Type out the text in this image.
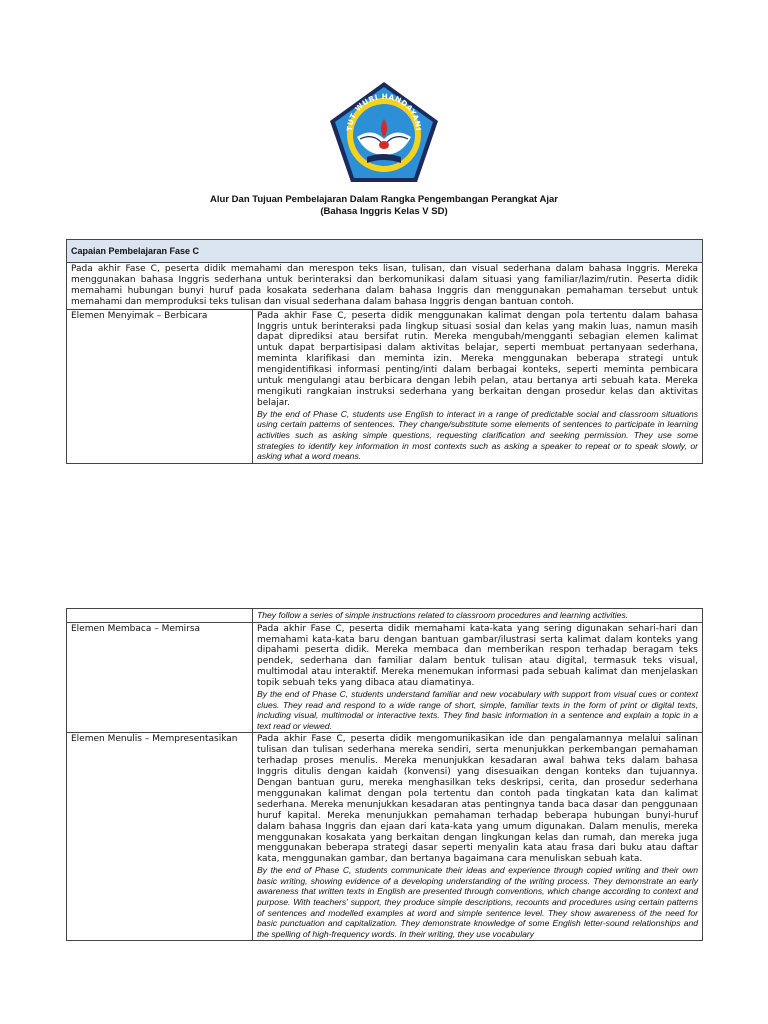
TUT WURI HANDAYANI
Alur Dan Tujuan Pembelajaran Dalam Rangka Pengembangan Perangkat Ajar
(Bahasa Inggris Kelas V SD)
Capaian Pembelajaran Fase C
Pada akhir Fase C, peserta didik memahami dan merespon teks lisan, tulisan, dan visual sederhana dalam bahasa Inggris. Mereka menggunakan bahasa Inggris sederhana untuk berinteraksi dan berkomunikasi dalam situasi yang familiar/lazim/rutin. Peserta didik memahami hubungan bunyi huruf pada kosakata sederhana dalam bahasa Inggris dan menggunakan pemahaman tersebut untuk memahami dan memproduksi teks tulisan dan visual sederhana dalam bahasa Inggris dengan bantuan contoh.
Elemen Menyimak – Berbicara	Pada akhir Fase C, peserta didik menggunakan kalimat dengan pola tertentu dalam bahasa Inggris untuk berinteraksi pada lingkup situasi sosial dan kelas yang makin luas, namun masih dapat diprediksi atau bersifat rutin. Mereka mengubah/mengganti sebagian elemen kalimat untuk dapat berpartisipasi dalam aktivitas belajar, seperti membuat pertanyaan sederhana, meminta klarifikasi dan meminta izin. Mereka menggunakan beberapa strategi untuk mengidentifikasi informasi penting/inti dalam berbagai konteks, seperti meminta pembicara untuk mengulangi atau berbicara dengan lebih pelan, atau bertanya arti sebuah kata. Mereka mengikuti rangkaian instruksi sederhana yang berkaitan dengan prosedur kelas dan aktivitas belajar.
By the end of Phase C, students use English to interact in a range of predictable social and classroom situations using certain patterns of sentences. They change/substitute some elements of sentences to participate in learning activities such as asking simple questions, requesting clarification and seeking permission. They use some strategies to identify key information in most contexts such as asking a speaker to repeat or to speak slowly, or asking what a word means.
	They follow a series of simple instructions related to classroom procedures and learning activities.
Elemen Membaca – Memirsa	Pada akhir Fase C, peserta didik memahami kata-kata yang sering digunakan sehari-hari dan memahami kata-kata baru dengan bantuan gambar/ilustrasi serta kalimat dalam konteks yang dipahami peserta didik. Mereka membaca dan memberikan respon terhadap beragam teks pendek, sederhana dan familiar dalam bentuk tulisan atau digital, termasuk teks visual, multimodal atau interaktif. Mereka menemukan informasi pada sebuah kalimat dan menjelaskan topik sebuah teks yang dibaca atau diamatinya.
By the end of Phase C, students understand familiar and new vocabulary with support from visual cues or context clues. They read and respond to a wide range of short, simple, familiar texts in the form of print or digital texts, including visual, multimodal or interactive texts. They find basic information in a sentence and explain a topic in a text read or viewed.

Elemen Menulis – Mempresentasikan	Pada akhir Fase C, peserta didik mengomunikasikan ide dan pengalamannya melalui salinan tulisan dan tulisan sederhana mereka sendiri, serta menunjukkan perkembangan pemahaman terhadap proses menulis. Mereka menunjukkan kesadaran awal bahwa teks dalam bahasa Inggris ditulis dengan kaidah (konvensi) yang disesuaikan dengan konteks dan tujuannya. Dengan bantuan guru, mereka menghasilkan teks deskripsi, cerita, dan prosedur sederhana menggunakan kalimat dengan pola tertentu dan contoh pada tingkatan kata dan kalimat sederhana. Mereka menunjukkan kesadaran atas pentingnya tanda baca dasar dan penggunaan huruf kapital. Mereka menunjukkan pemahaman terhadap beberapa hubungan bunyi-huruf dalam bahasa Inggris dan ejaan dari kata-kata yang umum digunakan. Dalam menulis, mereka menggunakan kosakata yang berkaitan dengan lingkungan kelas dan rumah, dan mereka juga menggunakan beberapa strategi dasar seperti menyalin kata atau frasa dari buku atau daftar kata, menggunakan gambar, dan bertanya bagaimana cara menuliskan sebuah kata.
By the end of Phase C, students communicate their ideas and experience through copied writing and their own basic writing, showing evidence of a developing understanding of the writing process. They demonstrate an early awareness that written texts in English are presented through conventions, which change according to context and purpose. With teachers' support, they produce simple descriptions, recounts and procedures using certain patterns of sentences and modelled examples at word and simple sentence level. They show awareness of the need for basic punctuation and capitalization. They demonstrate knowledge of some English letter-sound relationships and the spelling of high-frequency words. In their writing, they use vocabulary
